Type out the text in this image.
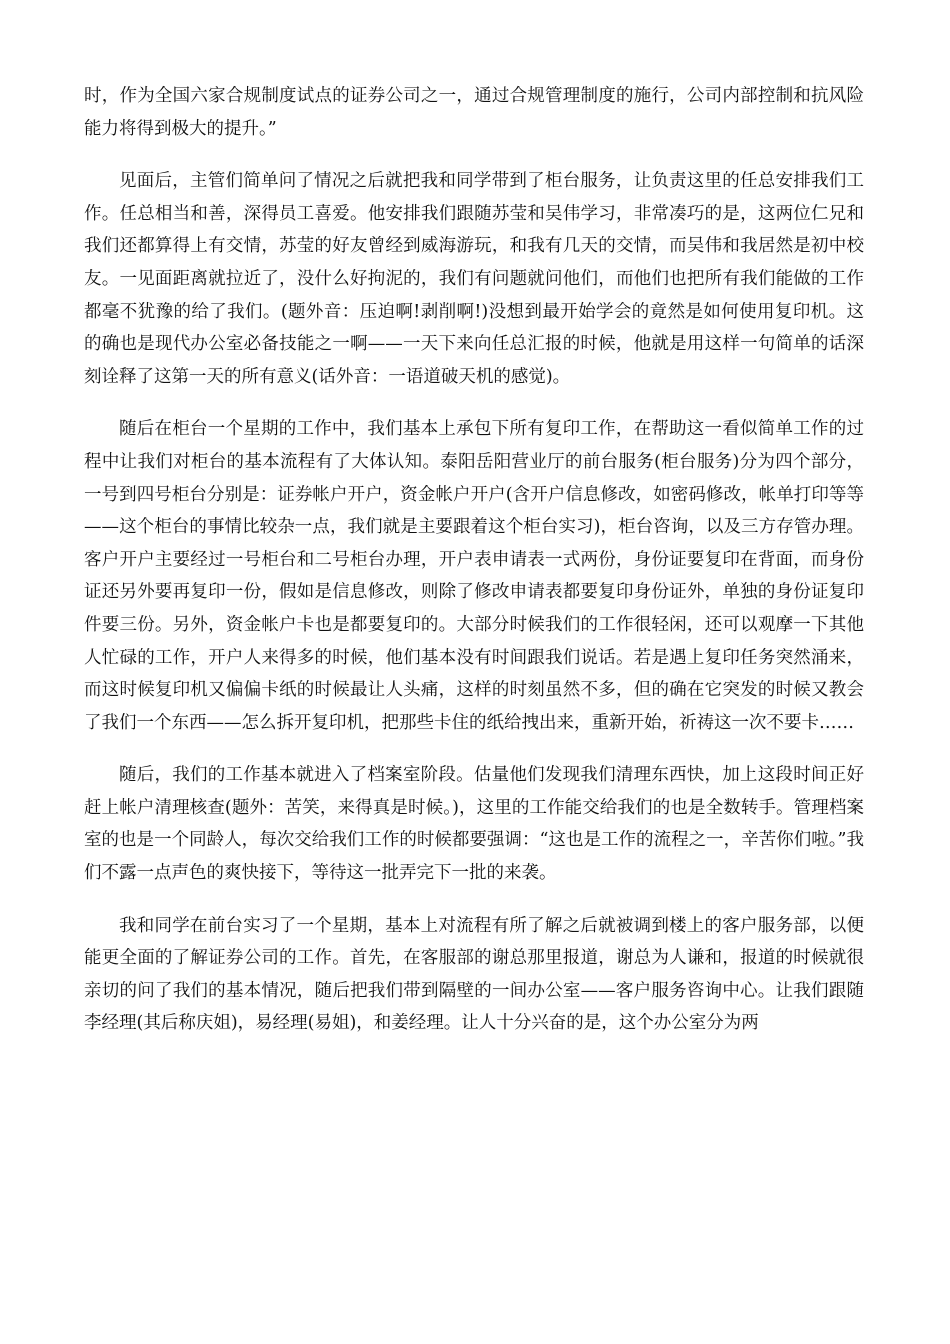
时，作为全国六家合规制度试点的证券公司之一，通过合规管理制度的施行，公司内部控制和抗风险能力将得到极大的提升。”

见面后，主管们简单问了情况之后就把我和同学带到了柜台服务，让负责这里的任总安排我们工作。任总相当和善，深得员工喜爱。他安排我们跟随苏莹和吴伟学习，非常凑巧的是，这两位仁兄和我们还都算得上有交情，苏莹的好友曾经到威海游玩，和我有几天的交情，而吴伟和我居然是初中校友。一见面距离就拉近了，没什么好拘泥的，我们有问题就问他们，而他们也把所有我们能做的工作都毫不犹豫的给了我们。(题外音：压迫啊!剥削啊!)没想到最开始学会的竟然是如何使用复印机。这的确也是现代办公室必备技能之一啊——一天下来向任总汇报的时候，他就是用这样一句简单的话深刻诠释了这第一天的所有意义(话外音：一语道破天机的感觉)。

随后在柜台一个星期的工作中，我们基本上承包下所有复印工作，在帮助这一看似简单工作的过程中让我们对柜台的基本流程有了大体认知。泰阳岳阳营业厅的前台服务(柜台服务)分为四个部分，一号到四号柜台分别是：证券帐户开户，资金帐户开户(含开户信息修改，如密码修改，帐单打印等等——这个柜台的事情比较杂一点，我们就是主要跟着这个柜台实习)，柜台咨询，以及三方存管办理。客户开户主要经过一号柜台和二号柜台办理，开户表申请表一式两份，身份证要复印在背面，而身份证还另外要再复印一份，假如是信息修改，则除了修改申请表都要复印身份证外，单独的身份证复印件要三份。另外，资金帐户卡也是都要复印的。大部分时候我们的工作很轻闲，还可以观摩一下其他人忙碌的工作，开户人来得多的时候，他们基本没有时间跟我们说话。若是遇上复印任务突然涌来，而这时候复印机又偏偏卡纸的时候最让人头痛，这样的时刻虽然不多，但的确在它突发的时候又教会了我们一个东西——怎么拆开复印机，把那些卡住的纸给拽出来，重新开始，祈祷这一次不要卡……

随后，我们的工作基本就进入了档案室阶段。估量他们发现我们清理东西快，加上这段时间正好赶上帐户清理核查(题外：苦笑，来得真是时候。)，这里的工作能交给我们的也是全数转手。管理档案室的也是一个同龄人，每次交给我们工作的时候都要强调：“这也是工作的流程之一，辛苦你们啦。”我们不露一点声色的爽快接下，等待这一批弄完下一批的来袭。

我和同学在前台实习了一个星期，基本上对流程有所了解之后就被调到楼上的客户服务部，以便能更全面的了解证券公司的工作。首先，在客服部的谢总那里报道，谢总为人谦和，报道的时候就很亲切的问了我们的基本情况，随后把我们带到隔壁的一间办公室——客户服务咨询中心。让我们跟随李经理(其后称庆姐)，易经理(易姐)，和姜经理。让人十分兴奋的是，这个办公室分为两
